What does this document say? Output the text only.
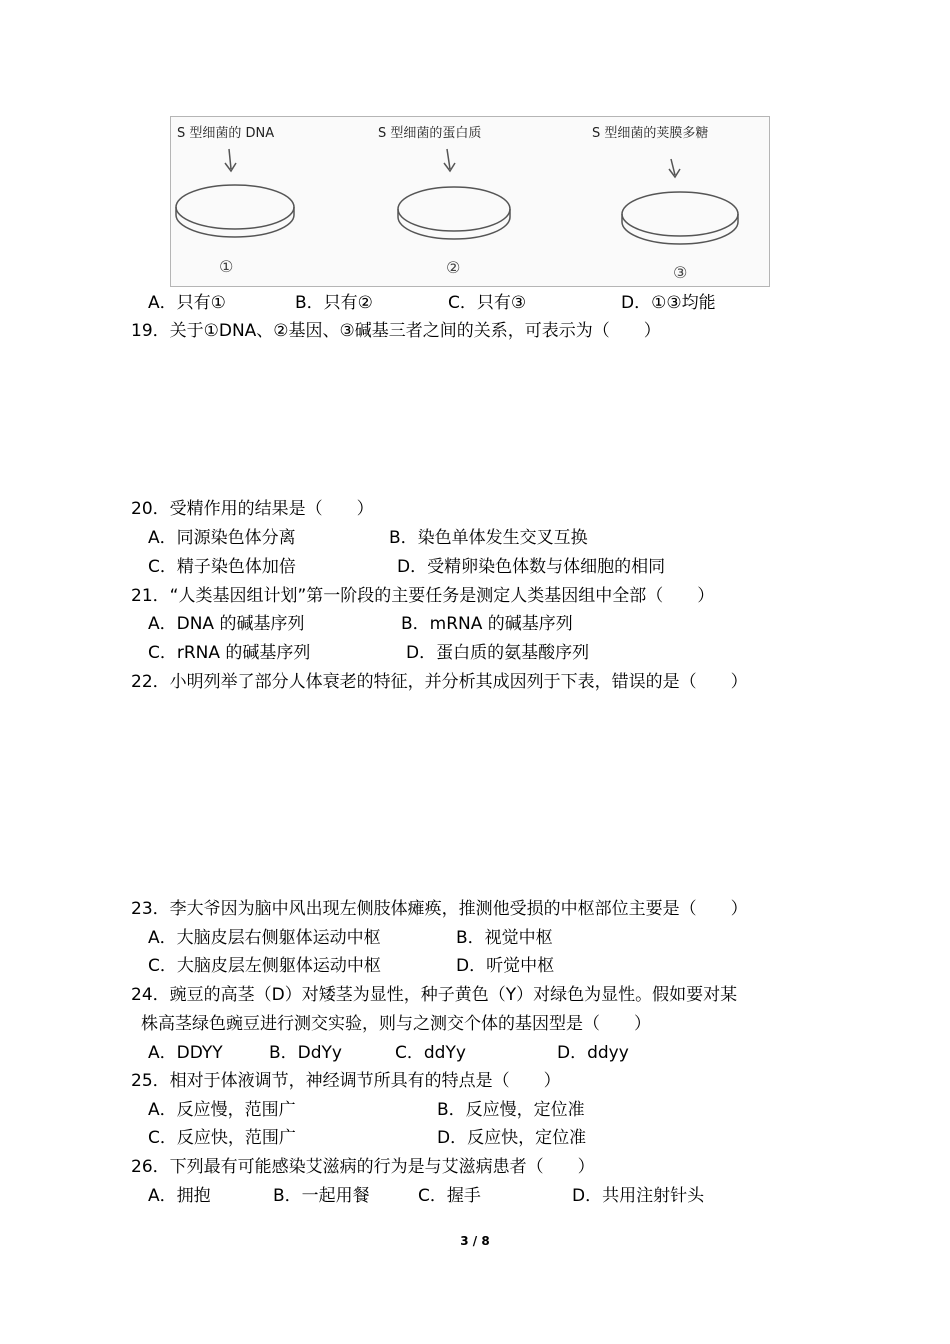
S 型细菌的 DNA	S 型细菌的蛋白质	S 型细菌的荚膜多糖
①	②	③
A．只有①	B．只有②	C．只有③	D．①③均能
19．关于①DNA、②基因、③碱基三者之间的关系，可表示为（　　）
20．受精作用的结果是（　　）
A．同源染色体分离	B．染色单体发生交叉互换
C．精子染色体加倍	D．受精卵染色体数与体细胞的相同
21．“人类基因组计划”第一阶段的主要任务是测定人类基因组中全部（　　）
A．DNA 的碱基序列	B．mRNA 的碱基序列
C．rRNA 的碱基序列	D．蛋白质的氨基酸序列
22．小明列举了部分人体衰老的特征，并分析其成因列于下表，错误的是（　　）
23．李大爷因为脑中风出现左侧肢体瘫痪，推测他受损的中枢部位主要是（　　）
A．大脑皮层右侧躯体运动中枢	B．视觉中枢
C．大脑皮层左侧躯体运动中枢	D．听觉中枢
24．豌豆的高茎（D）对矮茎为显性，种子黄色（Y）对绿色为显性。假如要对某
株高茎绿色豌豆进行测交实验，则与之测交个体的基因型是（　　）
A．DDYY	B．DdYy	C．ddYy	D．ddyy
25．相对于体液调节，神经调节所具有的特点是（　　）
A．反应慢，范围广	B．反应慢，定位准
C．反应快，范围广	D．反应快，定位准
26．下列最有可能感染艾滋病的行为是与艾滋病患者（　　）
A．拥抱	B．一起用餐	C．握手	D．共用注射针头
3 / 8
